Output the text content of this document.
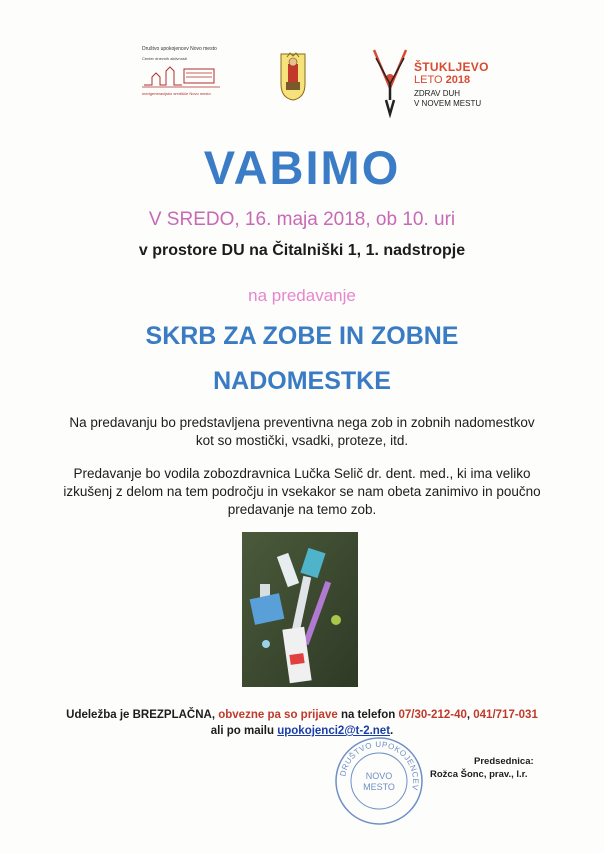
Društvo upokojencev Novo mesto
Center dnevnih aktivnosti
medgeneracijsko središče Novo mesto
ŠTUKLJEVO
LETO 2018
ZDRAV DUH
V NOVEM MESTU
VABIMO
V SREDO, 16. maja 2018, ob 10. uri
v prostore DU na Čitalniški 1, 1. nadstropje
na predavanje
SKRB ZA ZOBE IN ZOBNE
NADOMESTKE
Na predavanju bo predstavljena preventivna nega zob in zobnih nadomestkov
kot so mostički, vsadki, proteze, itd.
Predavanje bo vodila zobozdravnica Lučka Selič dr. dent. med., ki ima veliko
izkušenj z delom na tem področju in vsekakor se nam obeta zanimivo in poučno
predavanje na temo zob.
Udeležba je BREZPLAČNA, obvezne pa so prijave na telefon 07/30-212-40, 041/717-031
ali po mailu upokojenci2@t-2.net.
DRUŠTVO UPOKOJENCEV
NOVO
MESTO
Predsednica:
Rožca Šonc, prav., l.r.
